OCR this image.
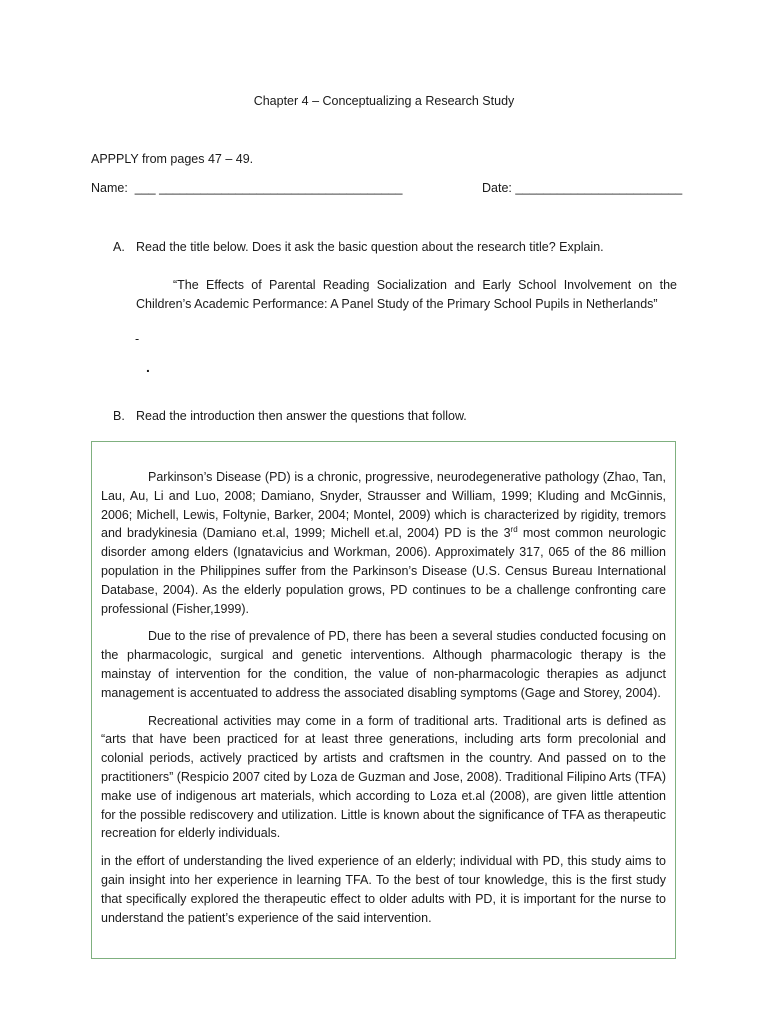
Chapter 4 – Conceptualizing a Research Study
APPPLY from pages 47 – 49.
Name:  ___ ___________________________________	Date: ________________________
A. Read the title below. Does it ask the basic question about the research title? Explain.
“The Effects of Parental Reading Socialization and Early School Involvement on the Children’s Academic Performance: A Panel Study of the Primary School Pupils in Netherlands”
-
.
B. Read the introduction then answer the questions that follow.

Parkinson’s Disease (PD) is a chronic, progressive, neurodegenerative pathology (Zhao, Tan, Lau, Au, Li and Luo, 2008; Damiano, Snyder, Strausser and William, 1999; Kluding and McGinnis, 2006; Michell, Lewis, Foltynie, Barker, 2004; Montel, 2009) which is characterized by rigidity, tremors and bradykinesia (Damiano et.al, 1999; Michell et.al, 2004) PD is the 3rd most common neurologic disorder among elders (Ignatavicius and Workman, 2006). Approximately 317, 065 of the 86 million population in the Philippines suffer from the Parkinson’s Disease (U.S. Census Bureau International Database, 2004). As the elderly population grows, PD continues to be a challenge confronting care professional (Fisher,1999).

Due to the rise of prevalence of PD, there has been a several studies conducted focusing on the pharmacologic, surgical and genetic interventions. Although pharmacologic therapy is the mainstay of intervention for the condition, the value of non-pharmacologic therapies as adjunct management is accentuated to address the associated disabling symptoms (Gage and Storey, 2004).

Recreational activities may come in a form of traditional arts. Traditional arts is defined as “arts that have been practiced for at least three generations, including arts form precolonial and colonial periods, actively practiced by artists and craftsmen in the country. And passed on to the practitioners” (Respicio 2007 cited by Loza de Guzman and Jose, 2008). Traditional Filipino Arts (TFA) make use of indigenous art materials, which according to Loza et.al (2008), are given little attention for the possible rediscovery and utilization. Little is known about the significance of TFA as therapeutic recreation for elderly individuals.

in the effort of understanding the lived experience of an elderly; individual with PD, this study aims to gain insight into her experience in learning TFA. To the best of tour knowledge, this is the first study that specifically explored the therapeutic effect to older adults with PD, it is important for the nurse to understand the patient’s experience of the said intervention.
